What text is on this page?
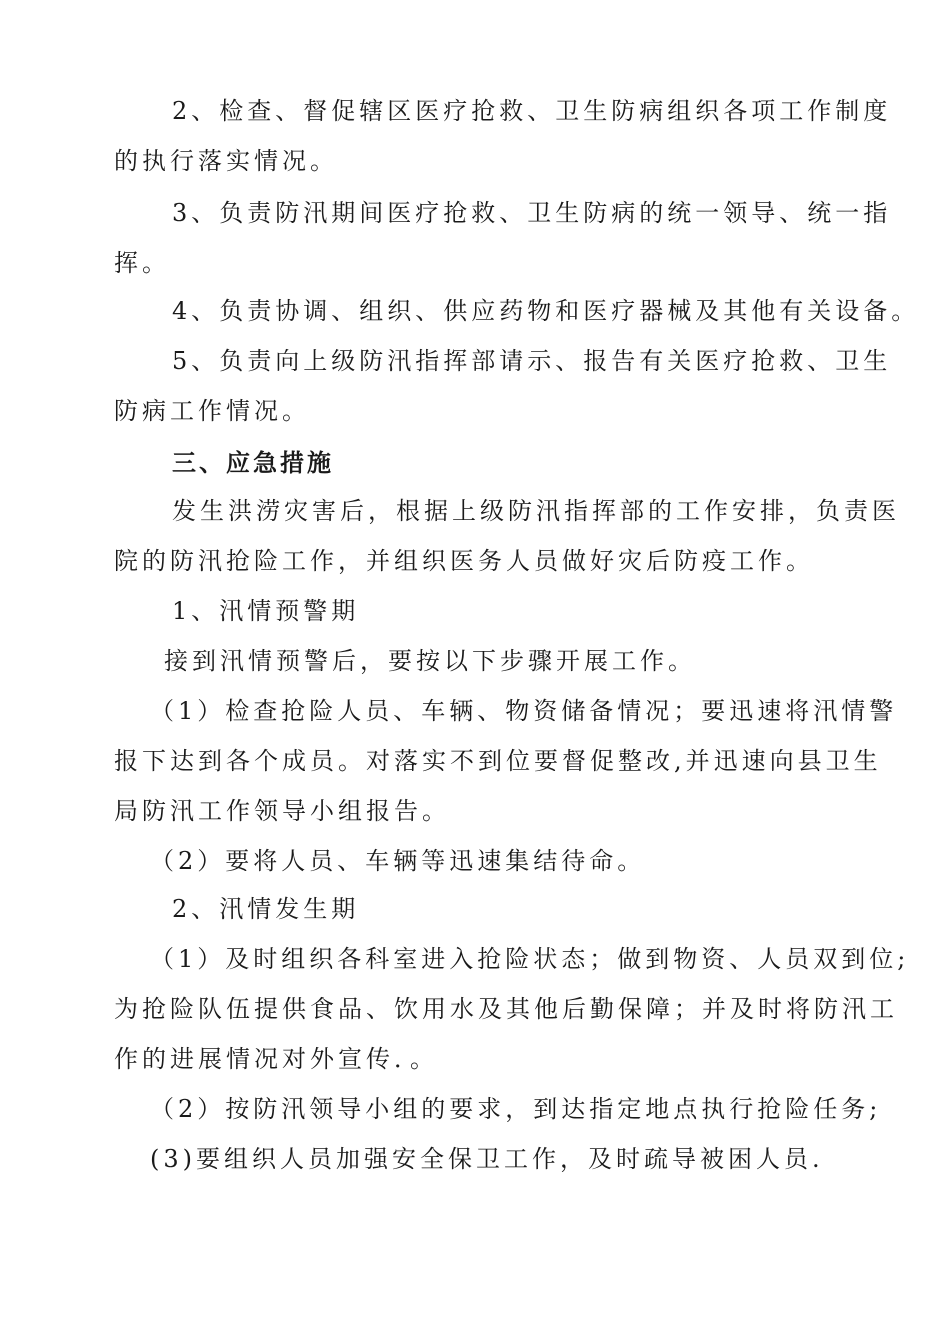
2、检查、督促辖区医疗抢救、卫生防病组织各项工作制度
的执行落实情况。
3、负责防汛期间医疗抢救、卫生防病的统一领导、统一指
挥。
4、负责协调、组织、供应药物和医疗器械及其他有关设备。
5、负责向上级防汛指挥部请示、报告有关医疗抢救、卫生
防病工作情况。
三、应急措施
发生洪涝灾害后，根据上级防汛指挥部的工作安排，负责医
院的防汛抢险工作，并组织医务人员做好灾后防疫工作。
1、汛情预警期
接到汛情预警后，要按以下步骤开展工作。
（1）检查抢险人员、车辆、物资储备情况；要迅速将汛情警
报下达到各个成员。对落实不到位要督促整改,并迅速向县卫生
局防汛工作领导小组报告。
（2）要将人员、车辆等迅速集结待命。
2、汛情发生期
（1）及时组织各科室进入抢险状态；做到物资、人员双到位;
为抢险队伍提供食品、饮用水及其他后勤保障；并及时将防汛工
作的进展情况对外宣传．。
（2）按防汛领导小组的要求，到达指定地点执行抢险任务;
(3)要组织人员加强安全保卫工作，及时疏导被困人员.
